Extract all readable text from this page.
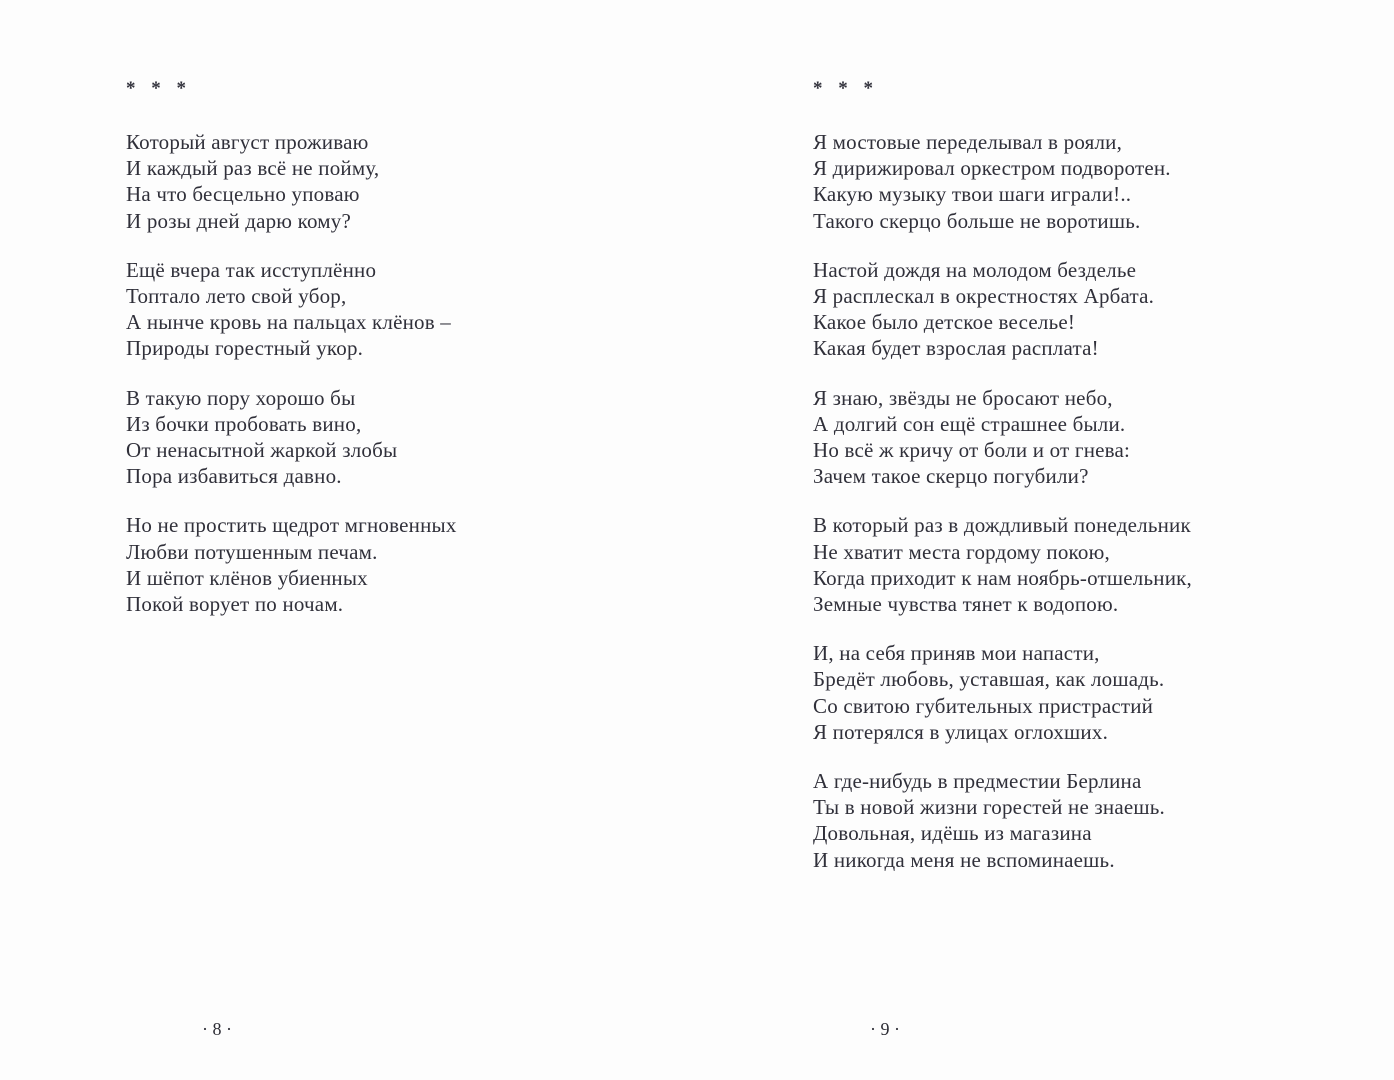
* * *
Который август проживаю
И каждый раз всё не пойму,
На что бесцельно уповаю
И розы дней дарю кому?
Ещё вчера так исступлённо
Топтало лето свой убор,
А нынче кровь на пальцах клёнов –
Природы горестный укор.
В такую пору хорошо бы
Из бочки пробовать вино,
От ненасытной жаркой злобы
Пора избавиться давно.
Но не простить щедрот мгновенных
Любви потушенным печам.
И шёпот клёнов убиенных
Покой ворует по ночам.
* * *
Я мостовые переделывал в рояли,
Я дирижировал оркестром подворотен.
Какую музыку твои шаги играли!..
Такого скерцо больше не воротишь.
Настой дождя на молодом безделье
Я расплескал в окрестностях Арбата.
Какое было детское веселье!
Какая будет взрослая расплата!
Я знаю, звёзды не бросают небо,
А долгий сон ещё страшнее были.
Но всё ж кричу от боли и от гнева:
Зачем такое скерцо погубили?
В который раз в дождливый понедельник
Не хватит места гордому покою,
Когда приходит к нам ноябрь-отшельник,
Земные чувства тянет к водопою.
И, на себя приняв мои напасти,
Бредёт любовь, уставшая, как лошадь.
Со свитою губительных пристрастий
Я потерялся в улицах оглохших.
А где-нибудь в предместии Берлина
Ты в новой жизни горестей не знаешь.
Довольная, идёшь из магазина
И никогда меня не вспоминаешь.
· 8 ·	· 9 ·
